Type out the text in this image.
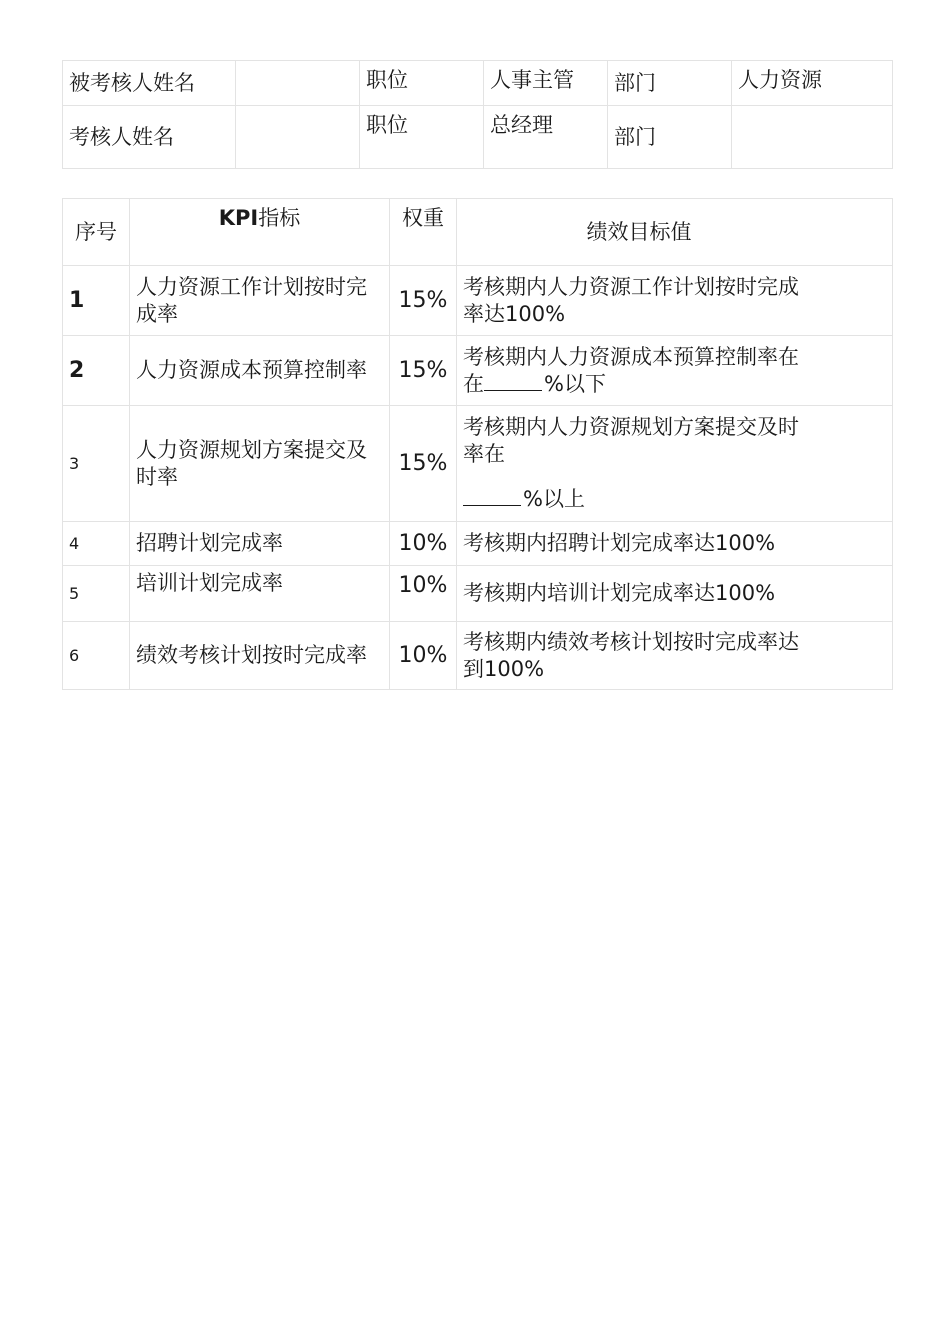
被考核人姓名		职位	人事主管	部门	人力资源
考核人姓名		职位	总经理	部门	
序号	KPI指标	权重	绩效目标值

1	人力资源工作计划按时完成率	15%	考核期内人力资源工作计划按时完成率达100%

2	人力资源成本预算控制率	15%	考核期内人力资源成本预算控制率在
在 %以下

3	人力资源规划方案提交及时率	15%	考核期内人力资源规划方案提交及时率在
%以上

4	招聘计划完成率	10%	考核期内招聘计划完成率达100%
5	培训计划完成率	10%	考核期内培训计划完成率达100%
6	绩效考核计划按时完成率	10%	考核期内绩效考核计划按时完成率达到100%
